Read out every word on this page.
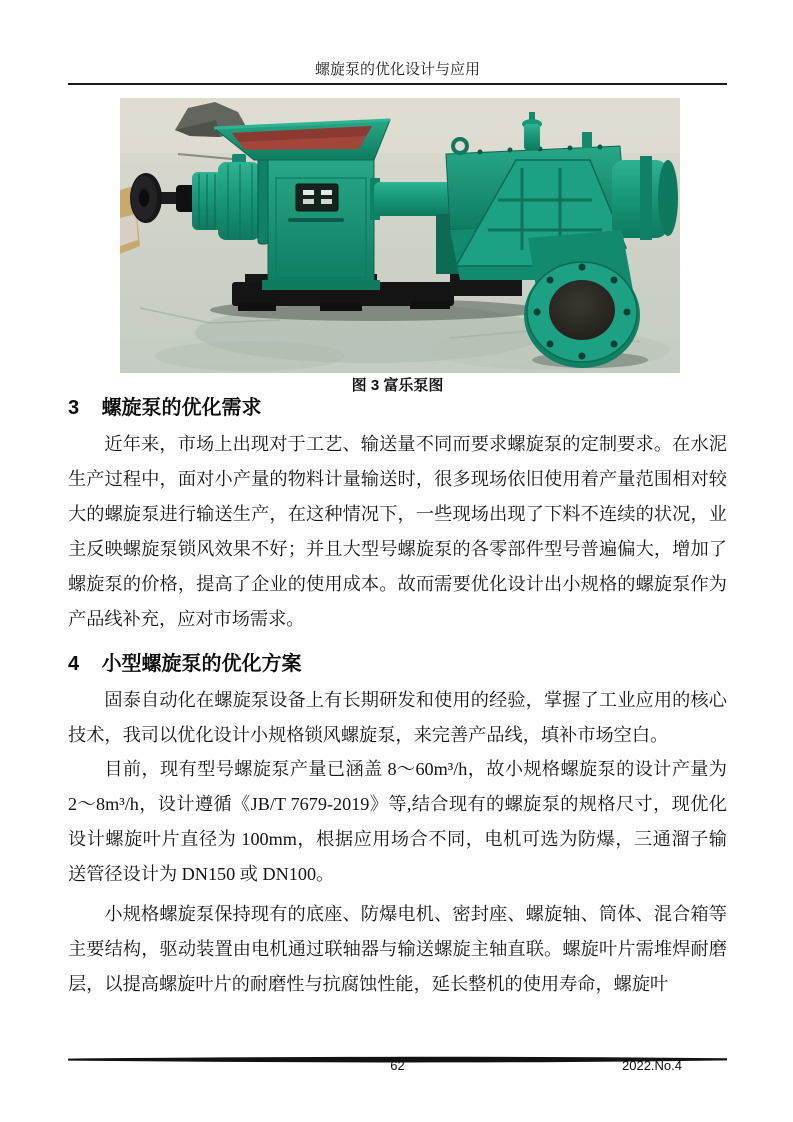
螺旋泵的优化设计与应用
图 3 富乐泵图
3 螺旋泵的优化需求

近年来，市场上出现对于工艺、输送量不同而要求螺旋泵的定制要求。在水泥生产过程中，面对小产量的物料计量输送时，很多现场依旧使用着产量范围相对较大的螺旋泵进行输送生产，在这种情况下，一些现场出现了下料不连续的状况，业主反映螺旋泵锁风效果不好；并且大型号螺旋泵的各零部件型号普遍偏大，增加了螺旋泵的价格，提高了企业的使用成本。故而需要优化设计出小规格的螺旋泵作为产品线补充，应对市场需求。

4 小型螺旋泵的优化方案

固泰自动化在螺旋泵设备上有长期研发和使用的经验，掌握了工业应用的核心技术，我司以优化设计小规格锁风螺旋泵，来完善产品线，填补市场空白。

目前，现有型号螺旋泵产量已涵盖 8～60m³/h，故小规格螺旋泵的设计产量为 2～8m³/h，设计遵循《JB/T 7679-2019》等,结合现有的螺旋泵的规格尺寸，现优化设计螺旋叶片直径为 100mm，根据应用场合不同，电机可选为防爆，三通溜子输送管径设计为 DN150 或 DN100。

小规格螺旋泵保持现有的底座、防爆电机、密封座、螺旋轴、筒体、混合箱等主要结构，驱动装置由电机通过联轴器与输送螺旋主轴直联。螺旋叶片需堆焊耐磨层，以提高螺旋叶片的耐磨性与抗腐蚀性能，延长整机的使用寿命，螺旋叶

62	2022.No.4
